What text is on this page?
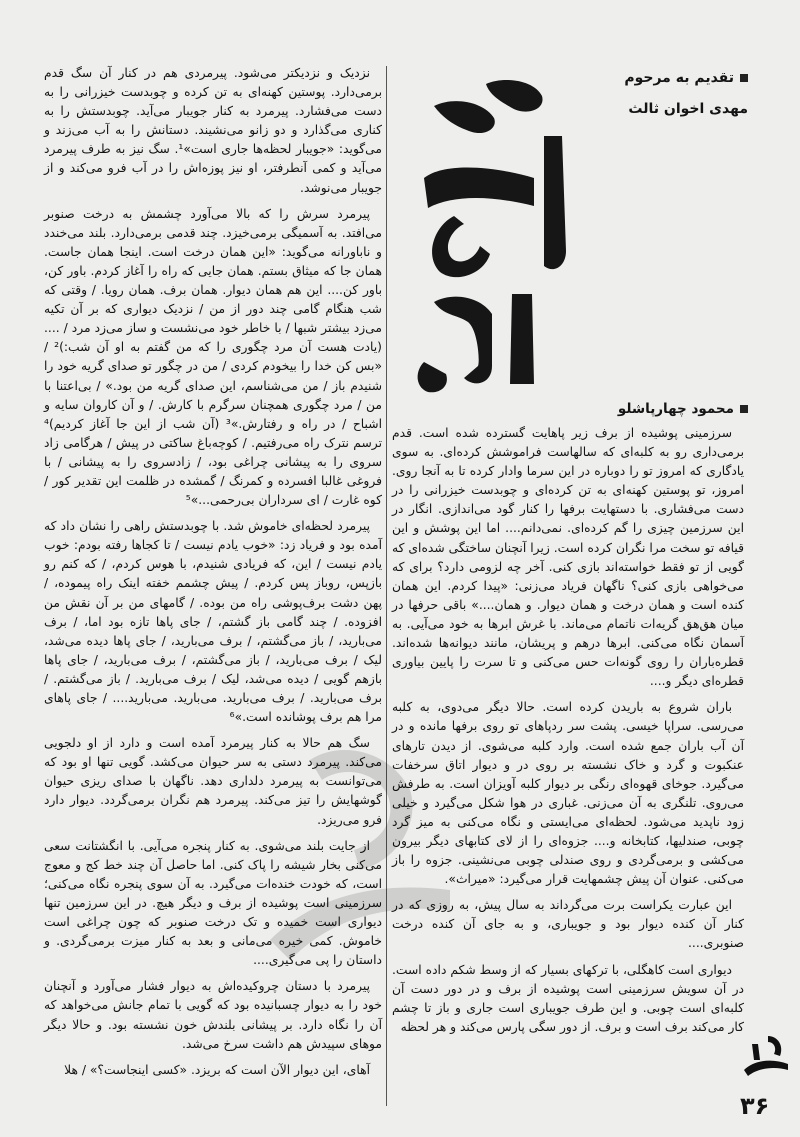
تقدیم به مرحوم
مهدی اخوان ثالث
محمود چهارپاشلو

سرزمینی پوشیده از برف زیر پاهایت گسترده شده است. قدم برمی‌داری رو به کلبه‌ای که سالهاست فراموشش کرده‌ای. به سوی یادگاری که امروز تو را دوباره در این سرما وادار کرده تا به آنجا روی. امروز، تو پوستین کهنه‌ای به تن کرده‌ای و چوبدست خیزرانی را در دست می‌فشاری. با دستهایت برفها را کنار گود می‌اندازی. انگار در این سرزمین چیزی را گم کرده‌ای. نمی‌دانم.... اما این پوشش و این قیافه تو سخت مرا نگران کرده است. زیرا آنچنان ساختگی شده‌ای که گویی از تو فقط خواسته‌اند بازی کنی. آخر چه لزومی دارد؟ برای که می‌خواهی بازی کنی؟ ناگهان فریاد می‌زنی: «پیدا کردم. این همان کنده است و همان درخت و همان دیوار. و همان....» باقی حرفها در میان هق‌هق گریه‌ات ناتمام می‌ماند. با غرش ابرها به خود می‌آیی. به آسمان نگاه می‌کنی. ابرها درهم و پریشان، مانند دیوانه‌ها شده‌اند. قطره‌باران را روی گونه‌ات حس می‌کنی و تا سرت را پایین بیاوری قطره‌ای دیگر و....

باران شروع به باریدن کرده است. حالا دیگر می‌دوی، به کلبه می‌رسی. سراپا خیسی. پشت سر ردپاهای تو روی برفها مانده و در آن آب باران جمع شده است. وارد کلبه می‌شوی. از دیدن تارهای عنکبوت و گرد و خاک نشسته بر روی در و دیوار اتاق سرخفات می‌گیرد. جوخای قهوه‌ای رنگی بر دیوار کلبه آویزان است. به طرفش می‌روی. تلنگری به آن می‌زنی. غباری در هوا شکل می‌گیرد و خیلی زود ناپدید می‌شود. لحظه‌ای می‌ایستی و نگاه می‌کنی به میز گرد چوبی، صندلیها، کتابخانه و.... جزوه‌ای را از لای کتابهای دیگر بیرون می‌کشی و برمی‌گردی و روی صندلی چوبی می‌نشینی. جزوه را باز می‌کنی. عنوان آن پیش چشمهایت قرار می‌گیرد: «میراث».

این عبارت یکراست برت می‌گرداند به سال پیش، به روزی که در کنار آن کنده دیوار بود و جویباری، و به جای آن کنده درخت صنوبری....

دیواری است کاهگلی، با ترکهای بسیار که از وسط شکم داده است. در آن سویش سرزمینی است پوشیده از برف و در دور دست آن کلبه‌ای است چوبی. و این طرف جویباری است جاری و باز تا چشم کار می‌کند برف است و برف. از دور سگی پارس می‌کند و هر لحظه

نزدیک و نزدیکتر می‌شود. پیرمردی هم در کنار آن سگ قدم برمی‌دارد. پوستین کهنه‌ای به تن کرده و چوبدست خیزرانی را به دست می‌فشارد. پیرمرد به کنار جویبار می‌آید. چوبدستش را به کناری می‌گذارد و دو زانو می‌نشیند. دستانش را به آب می‌زند و می‌گوید: «جویبار لحظه‌ها جاری است»¹. سگ نیز به طرف پیرمرد می‌آید و کمی آنطرفتر، او نیز پوزه‌اش را در آب فرو می‌کند و از جویبار می‌نوشد.

پیرمرد سرش را که بالا می‌آورد چشمش به درخت صنوبر می‌افتد. به آسمیگی برمی‌خیزد. چند قدمی برمی‌دارد. بلند می‌خندد و ناباورانه می‌گوید: «این همان درخت است. اینجا همان جاست. همان جا که میثاق بستم. همان جایی که راه را آغاز کردم. باور کن، باور کن.... این هم همان دیوار. همان برف. همان رویا. / وقتی که شب هنگام گامی چند دور از من / نزدیک دیواری که بر آن تکیه می‌زد بیشتر شبها / با خاطر خود می‌نشست و ساز می‌زد مرد / .... (یادت هست آن مرد چگوری را که من گفتم به او آن شب:)² / «بس کن خدا را بیخودم کردی / من در چگور تو صدای گریه خود را شنیدم باز / من می‌شناسم، این صدای گریه من بود.» / بی‌اعتنا با من / مرد چگوری همچنان سرگرم با کارش. / و آن کاروان سایه و اشباح / در راه و رفتارش.»³ (آن شب از این جا آغاز کردیم)⁴ ترسم نترک راه می‌رفتیم. / کوچه‌باغ ساکتی در پیش / هرگامی زاد سروی را به پیشانی چراغی بود، / زادسروی را به پیشانی / با فروغی غالبا افسرده و کمرنگ / گمشده در ظلمت این تقدیر کور / کوه غارت / ای سرداران بی‌رحمی...»⁵

پیرمرد لحظه‌ای خاموش شد. با چوبدستش راهی را نشان داد که آمده بود و فریاد زد: «خوب یادم نیست / تا کجاها رفته بودم: خوب یادم نیست / این، که فریادی شنیدم، با هوس کردم، / که کنم رو بازپس، روباز پس کردم. / پیش چشمم خفته اینک راه پیموده، / پهن دشت برف‌پوشی راه من بوده. / گامهای من بر آن نقش من افزوده. / چند گامی باز گشتم، / جای پاها تازه بود اما، / برف می‌بارید، / باز می‌گشتم، / برف می‌بارید، / جای پاها دیده می‌شد، لیک / برف می‌بارید، / باز می‌گشتم، / برف می‌بارید، / جای پاها بازهم گویی / دیده می‌شد، لیک / برف می‌بارید. / باز می‌گشتم. / برف می‌بارید. / برف می‌بارید. می‌بارید. می‌بارید.... / جای پاهای مرا هم برف پوشانده است.»⁶

سگ هم حالا به کنار پیرمرد آمده است و دارد از او دلجویی می‌کند. پیرمرد دستی به سر حیوان می‌کشد. گویی تنها او بود که می‌توانست به پیرمرد دلداری دهد. ناگهان با صدای ریزی حیوان گوشهایش را تیز می‌کند. پیرمرد هم نگران برمی‌گردد. دیوار دارد فرو می‌ریزد.

از جایت بلند می‌شوی. به کنار پنجره می‌آیی. با انگشتانت سعی می‌کنی بخار شیشه را پاک کنی. اما حاصل آن چند خط کج و معوج است، که خودت خنده‌ات می‌گیرد. به آن سوی پنجره نگاه می‌کنی؛ سرزمینی است پوشیده از برف و دیگر هیچ. در این سرزمین تنها دیواری است خمیده و تک درخت صنوبر که چون چراغی است خاموش. کمی خیره می‌مانی و بعد به کنار میزت برمی‌گردی. و داستان را پی می‌گیری....

پیرمرد با دستان چروکیده‌اش به دیوار فشار می‌آورد و آنچنان خود را به دیوار چسبانیده بود که گویی با تمام جانش می‌خواهد که آن را نگاه دارد. بر پیشانی بلندش خون نشسته بود. و حالا دیگر موهای سپیدش هم داشت سرخ می‌شد.

آهای، این دیوار الآن است که بریزد. «کسی اینجاست؟» / هلا

۳۶
